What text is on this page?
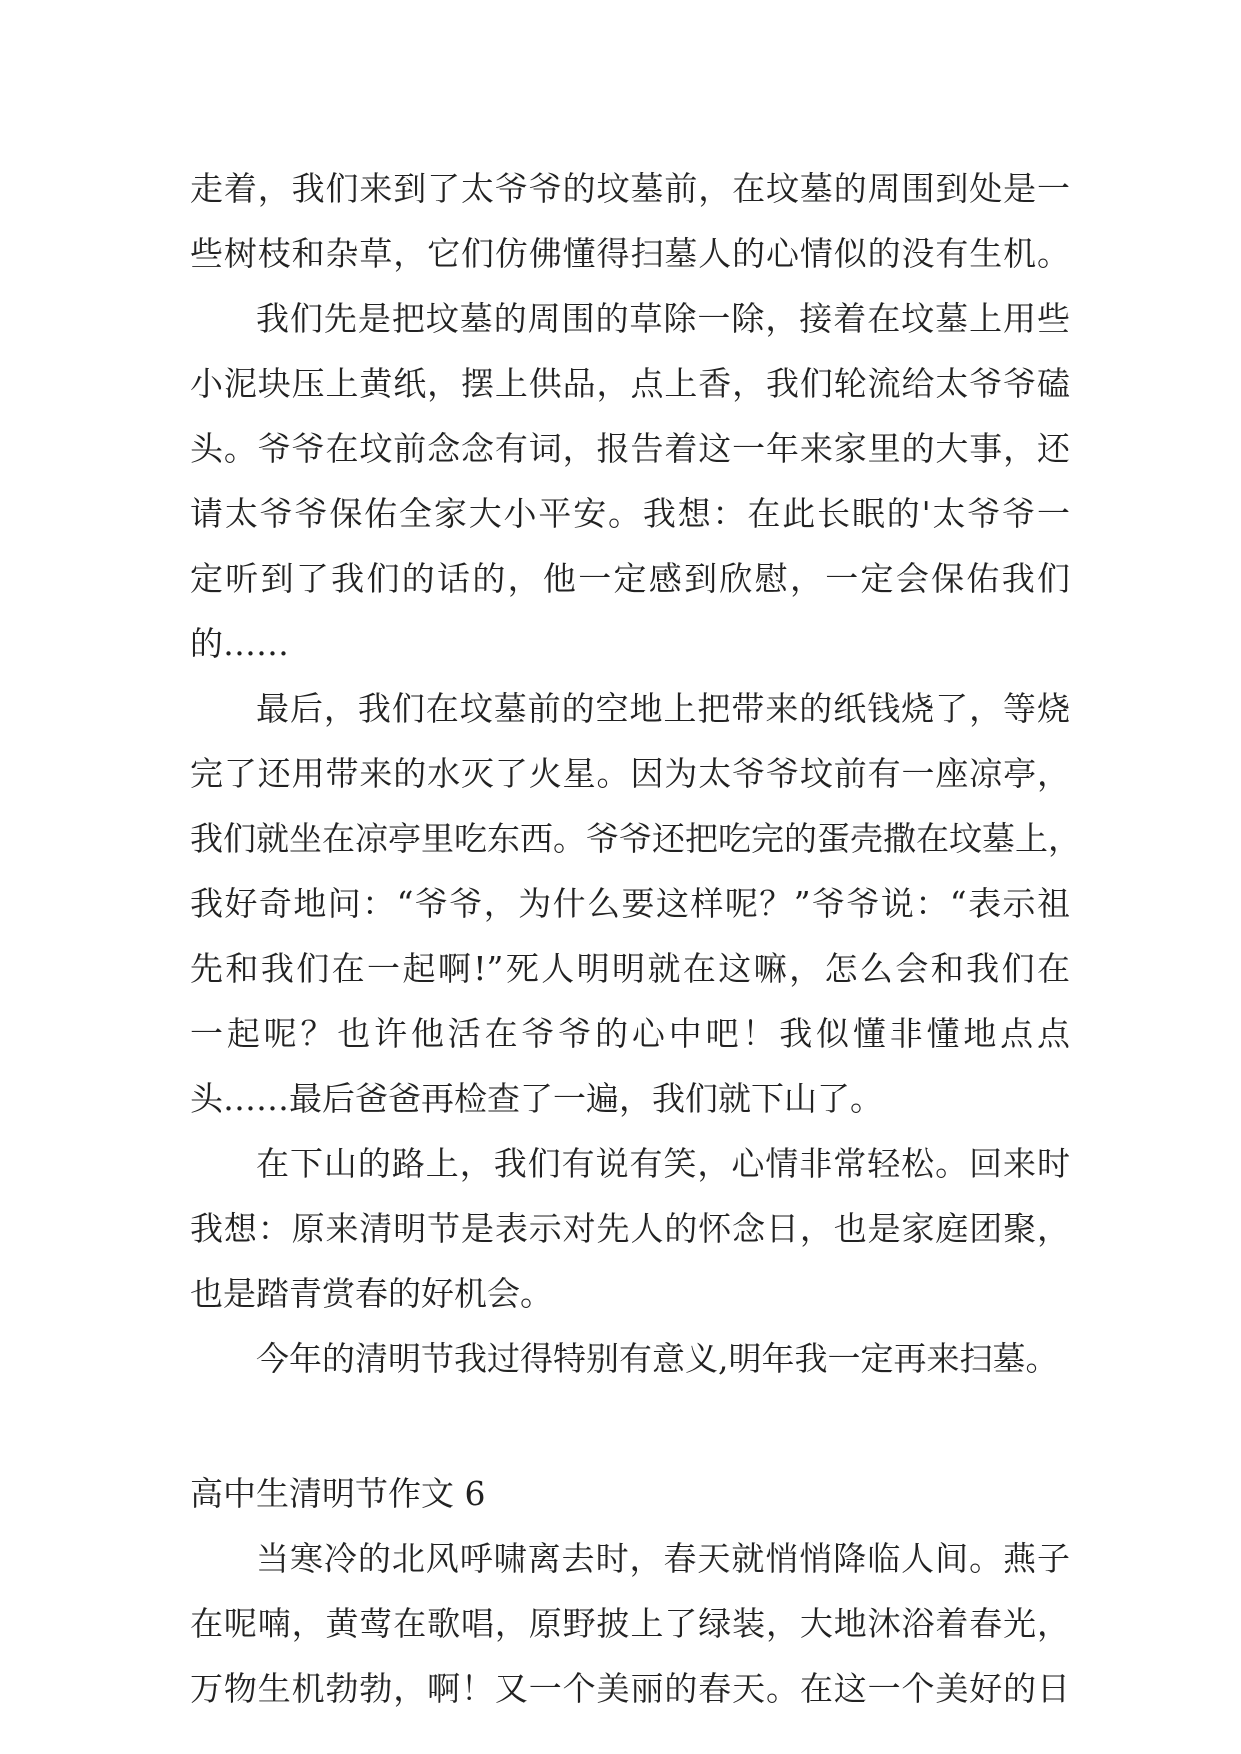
走着，我们来到了太爷爷的坟墓前，在坟墓的周围到处是一
些树枝和杂草，它们仿佛懂得扫墓人的心情似的没有生机。
我们先是把坟墓的周围的草除一除，接着在坟墓上用些
小泥块压上黄纸，摆上供品，点上香，我们轮流给太爷爷磕
头。爷爷在坟前念念有词，报告着这一年来家里的大事，还
请太爷爷保佑全家大小平安。我想：在此长眠的'太爷爷一
定听到了我们的话的，他一定感到欣慰，一定会保佑我们
的……
最后，我们在坟墓前的空地上把带来的纸钱烧了，等烧
完了还用带来的水灭了火星。因为太爷爷坟前有一座凉亭，
我们就坐在凉亭里吃东西。爷爷还把吃完的蛋壳撒在坟墓上，
我好奇地问：“爷爷，为什么要这样呢？”爷爷说：“表示祖
先和我们在一起啊!”死人明明就在这嘛，怎么会和我们在
一起呢？也许他活在爷爷的心中吧！我似懂非懂地点点
头……最后爸爸再检查了一遍，我们就下山了。
在下山的路上，我们有说有笑，心情非常轻松。回来时
我想：原来清明节是表示对先人的怀念日，也是家庭团聚，
也是踏青赏春的好机会。
今年的清明节我过得特别有意义,明年我一定再来扫墓。
高中生清明节作文 6
当寒冷的北风呼啸离去时，春天就悄悄降临人间。燕子
在呢喃，黄莺在歌唱，原野披上了绿装，大地沐浴着春光，
万物生机勃勃，啊！又一个美丽的春天。在这一个美好的日
